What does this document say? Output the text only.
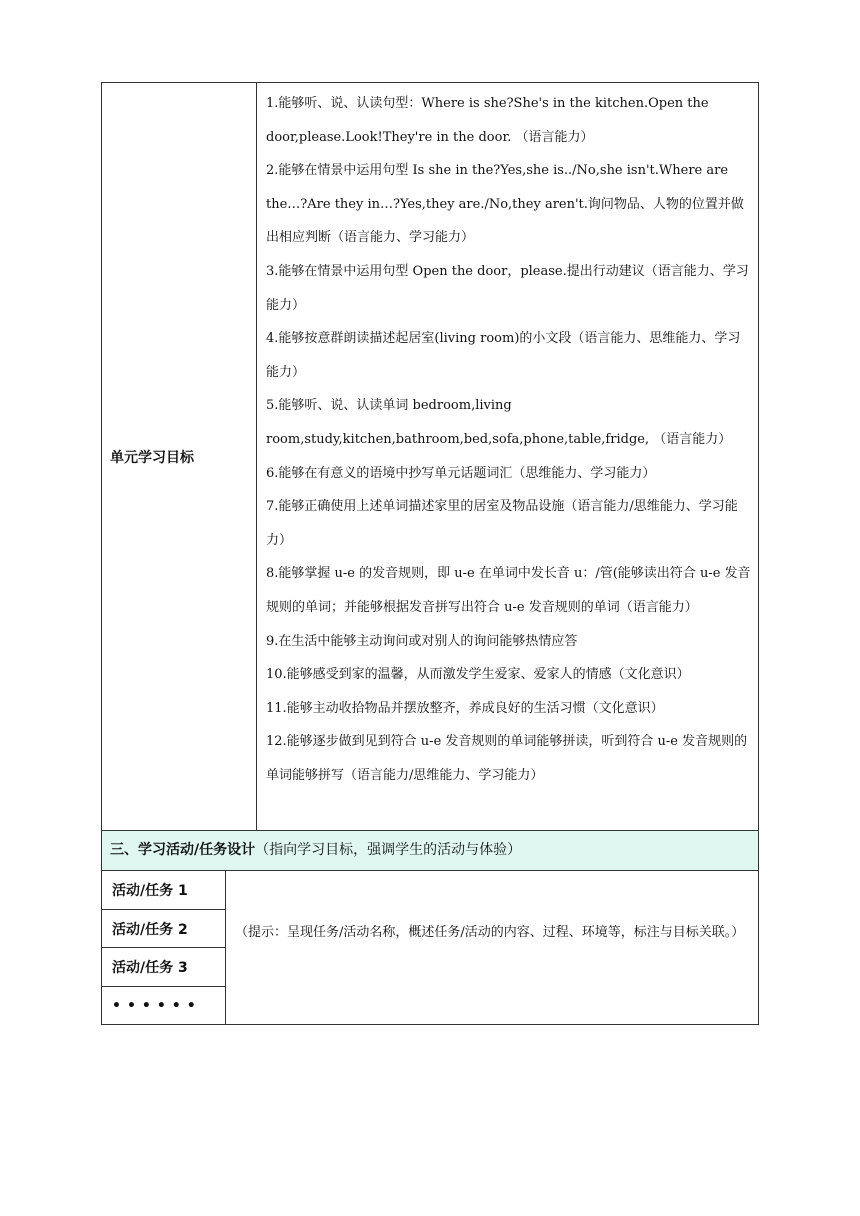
单元学习目标

1.能够听、说、认读句型：Where is she?She's in the kitchen.Open the door,please.Look!They're in the door. （语言能力）

2.能够在情景中运用句型 Is she in the?Yes,she is../No,she isn't.Where are the…?Are they in…?Yes,they are./No,they aren't.询问物品、人物的位置并做出相应判断（语言能力、学习能力）

3.能够在情景中运用句型 Open the door，please.提出行动建议（语言能力、学习能力）

4.能够按意群朗读描述起居室(living room)的小文段（语言能力、思维能力、学习能力）

5.能够听、说、认读单词 bedroom,living room,study,kitchen,bathroom,bed,sofa,phone,table,fridge, （语言能力）

6.能够在有意义的语境中抄写单元话题词汇（思维能力、学习能力）

7.能够正确使用上述单词描述家里的居室及物品设施（语言能力/思维能力、学习能力）

8.能够掌握 u-e 的发音规则，即 u-e 在单词中发长音 u：/管(能够读出符合 u-e 发音规则的单词；并能够根据发音拼写出符合 u-e 发音规则的单词（语言能力）

9.在生活中能够主动询问或对别人的询问能够热情应答

10.能够感受到家的温馨，从而激发学生爱家、爱家人的情感（文化意识）

11.能够主动收拾物品并摆放整齐，养成良好的生活习惯（文化意识）

12.能够逐步做到见到符合 u-e 发音规则的单词能够拼读，听到符合 u-e 发音规则的单词能够拼写（语言能力/思维能力、学习能力）

三、学习活动/任务设计（指向学习目标，强调学生的活动与体验）
活动/任务 1
活动/任务 2
活动/任务 3
••••••
（提示：呈现任务/活动名称，概述任务/活动的内容、过程、环境等，标注与目标关联。）
